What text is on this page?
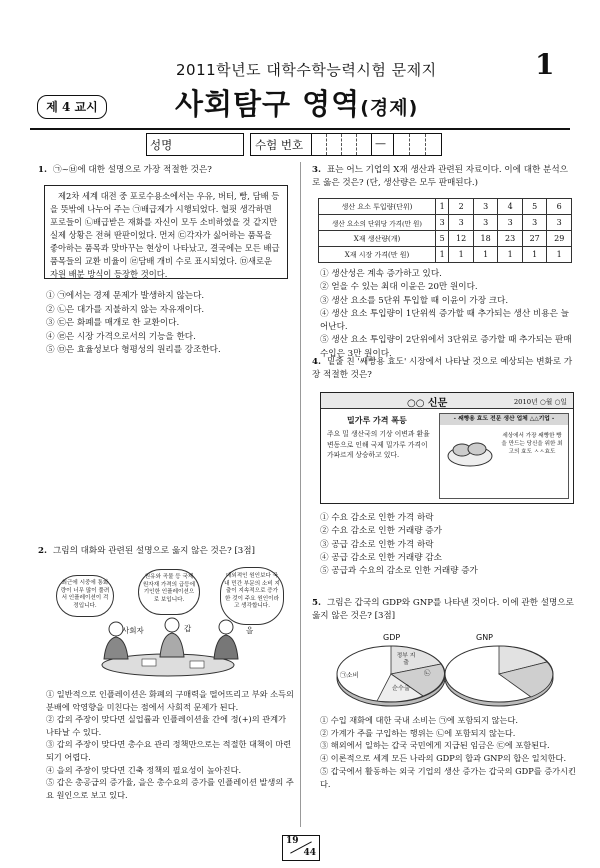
2011학년도 대학수학능력시험 문제지	1
제 4 교시	사회탐구 영역(경제)
성명	수험 번호	—
1. ㉠~㉥에 대한 설명으로 가장 적절한 것은?

제2차 세계 대전 중 포로수용소에서는 우유, 버터, 빵, 담배 등을 뜻밖에 나누어 주는 ㉠배급제가 시행되었다. 혈핏 생각하면 포로들이 ㉡배급받은 재화를 자신이 모두 소비하였을 것 같지만 실제 상황은 전혀 딴판이었다. 먼저 ㉢각자가 싫어하는 품목을 좋아하는 품목과 맞바꾸는 현상이 나타났고, 결국에는 모든 배급 품목들의 교환 비율이 ㉣담배 개비 수로 표시되었다. ㉤새로운 자원 배분 방식이 등장한 것이다.

① ㉠에서는 경제 문제가 발생하지 않는다.

② ㉡은 대가를 지불하지 않는 자유재이다.

③ ㉢은 화폐를 매개로 한 교환이다.

④ ㉣은 시장 가격으로서의 기능을 한다.

⑤ ㉤은 효율성보다 형평성의 원리를 강조한다.

2. 그림의 대화와 관련된 설명으로 옳지 않은 것은? [3점]
최근에 시중에 통화량이 너무 많이 풀려서 인플레이션이 걱정입니다.
원유와 곡물 등 국제 원자재 가격의 급등에 기인한 인플레이션으로 보입니다.
대외적인 원인보다 국내 민간 부문의 소비 지출이 지속적으로 증가한 것이 주요 원인이라고 생각합니다.
사회자	갑	을

① 일반적으로 인플레이션은 화폐의 구매력을 떨어뜨리고 부와 소득의 분배에 악영향을 미친다는 점에서 사회적 문제가 된다.

② 갑의 주장이 맞다면 실업률과 인플레이션율 간에 정(+)의 관계가 나타날 수 있다.

③ 갑의 주장이 맞다면 총수요 관리 정책만으로는 적절한 대책이 마련되기 어렵다.

④ 을의 주장이 맞다면 긴축 정책의 필요성이 높아진다.

⑤ 갑은 총공급의 증가율, 을은 총수요의 증가를 인플레이션 발생의 주요 원인으로 보고 있다.

3. 표는 어느 기업의 X재 생산과 관련된 자료이다. 이에 대한 분석으로 옳은 것은? (단, 생산량은 모두 판매된다.)
생산 요소 투입량(단위)	1	2	3	4	5	6
생산 요소의 단위당 가격(만 원)	3	3	3	3	3	3
X재 생산량(개)	5	12	18	23	27	29
X재 시장 가격(만 원)	1	1	1	1	1	1

① 생산성은 계속 증가하고 있다.

② 얻을 수 있는 최대 이윤은 20만 원이다.

③ 생산 요소를 5단위 투입할 때 이윤이 가장 크다.

④ 생산 요소 투입량이 1단위씩 증가할 때 추가되는 생산 비용은 늘어난다.

⑤ 생산 요소 투입량이 2단위에서 3단위로 증가할 때 추가되는 판매 수입은 3만 원이다.

4. 밑줄 친 '쌔빵용 효도' 시장에서 나타날 것으로 예상되는 변화로 가장 적절한 것은?
○○ 신문	2010년 ○월 ○일
밀가루 가격 폭등
주요 밀 생산국의 기상 이변과 환율 변동으로 인해 국제 밀가루 가격이 가파르게 상승하고 있다.
- 쌔빵용 효도 전문 생산 업체 △△기업 -
세상에서 가장 쌔빵한 빵을 만드는 당신을 위한 최고의 효도 ㅅㅅ효도

① 수요 감소로 인한 가격 하락

② 수요 감소로 인한 거래량 증가

③ 공급 감소로 인한 가격 하락

④ 공급 감소로 인한 거래량 감소

⑤ 공급과 수요의 감소로 인한 거래량 증가

5. 그림은 갑국의 GDP와 GNP를 나타낸 것이다. 이에 관한 설명으로 옳지 않은 것은? [3점]
GDP	GNP
㉠소비
정부 지출
㉡
순수출

① 수입 재화에 대한 국내 소비는 ㉠에 포함되지 않는다.

② 가계가 주를 구입하는 행위는 ㉡에 포함되지 않는다.

③ 해외에서 일하는 갑국 국민에게 지급된 임금은 ㉢에 포함된다.

④ 이론적으로 세계 모든 나라의 GDP의 합과 GNP의 합은 일치한다.

⑤ 갑국에서 활동하는 외국 기업의 생산 증가는 갑국의 GDP를 증가시킨다.

19
44
